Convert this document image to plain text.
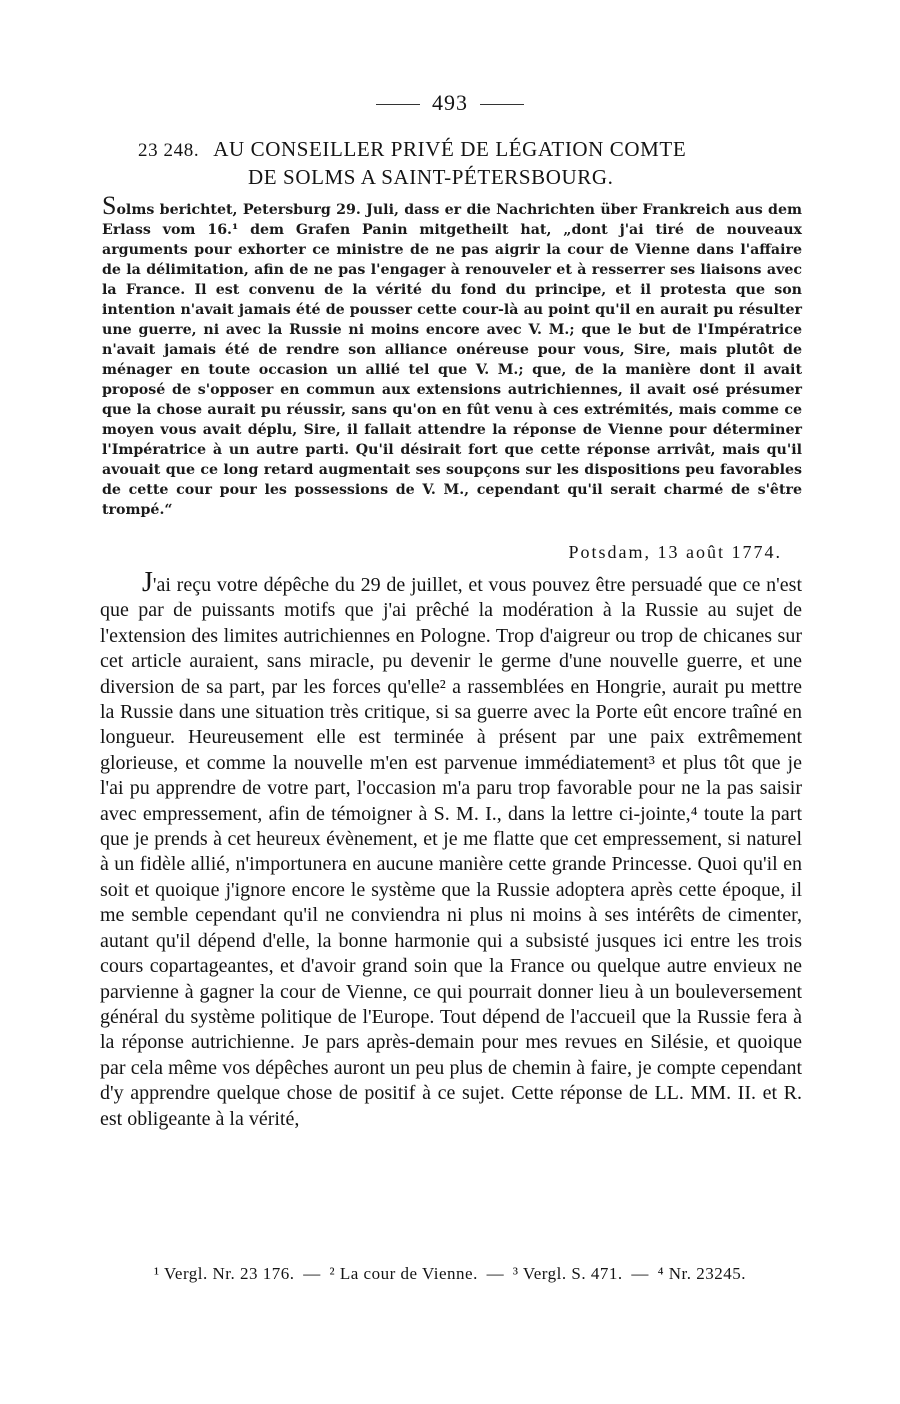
493
23 248. AU CONSEILLER PRIVÉ DE LÉGATION COMTE
DE SOLMS A SAINT-PÉTERSBOURG.
Solms berichtet, Petersburg 29. Juli, dass er die Nachrichten über Frankreich aus dem Erlass vom 16.¹ dem Grafen Panin mitgetheilt hat, „dont j'ai tiré de nouveaux arguments pour exhorter ce ministre de ne pas aigrir la cour de Vienne dans l'affaire de la délimitation, afin de ne pas l'engager à renouveler et à resserrer ses liaisons avec la France. Il est convenu de la vérité du fond du principe, et il protesta que son intention n'avait jamais été de pousser cette cour-là au point qu'il en aurait pu résulter une guerre, ni avec la Russie ni moins encore avec V. M.; que le but de l'Impératrice n'avait jamais été de rendre son alliance onéreuse pour vous, Sire, mais plutôt de ménager en toute occasion un allié tel que V. M.; que, de la manière dont il avait proposé de s'opposer en commun aux extensions autrichiennes, il avait osé présumer que la chose aurait pu réussir, sans qu'on en fût venu à ces extrémités, mais comme ce moyen vous avait déplu, Sire, il fallait attendre la réponse de Vienne pour déterminer l'Impératrice à un autre parti. Qu'il désirait fort que cette réponse arrivât, mais qu'il avouait que ce long retard augmentait ses soupçons sur les dispositions peu favorables de cette cour pour les possessions de V. M., cependant qu'il serait charmé de s'être trompé.“
Potsdam, 13 août 1774.
J'ai reçu votre dépêche du 29 de juillet, et vous pouvez être persuadé que ce n'est que par de puissants motifs que j'ai prêché la modération à la Russie au sujet de l'extension des limites autrichiennes en Pologne. Trop d'aigreur ou trop de chicanes sur cet article auraient, sans miracle, pu devenir le germe d'une nouvelle guerre, et une diversion de sa part, par les forces qu'elle² a rassemblées en Hongrie, aurait pu mettre la Russie dans une situation très critique, si sa guerre avec la Porte eût encore traîné en longueur. Heureusement elle est terminée à présent par une paix extrêmement glorieuse, et comme la nouvelle m'en est parvenue immédiatement³ et plus tôt que je l'ai pu apprendre de votre part, l'occasion m'a paru trop favorable pour ne la pas saisir avec empressement, afin de témoigner à S. M. I., dans la lettre ci-jointe,⁴ toute la part que je prends à cet heureux évènement, et je me flatte que cet empressement, si naturel à un fidèle allié, n'importunera en aucune manière cette grande Princesse. Quoi qu'il en soit et quoique j'ignore encore le système que la Russie adoptera après cette époque, il me semble cependant qu'il ne conviendra ni plus ni moins à ses intérêts de cimenter, autant qu'il dépend d'elle, la bonne harmonie qui a subsisté jusques ici entre les trois cours copartageantes, et d'avoir grand soin que la France ou quelque autre envieux ne parvienne à gagner la cour de Vienne, ce qui pourrait donner lieu à un bouleversement général du système politique de l'Europe. Tout dépend de l'accueil que la Russie fera à la réponse autrichienne. Je pars après-demain pour mes revues en Silésie, et quoique par cela même vos dépêches auront un peu plus de chemin à faire, je compte cependant d'y apprendre quelque chose de positif à ce sujet. Cette réponse de LL. MM. II. et R. est obligeante à la vérité,
¹ Vergl. Nr. 23 176. — ² La cour de Vienne. — ³ Vergl. S. 471. — ⁴ Nr. 23245.
